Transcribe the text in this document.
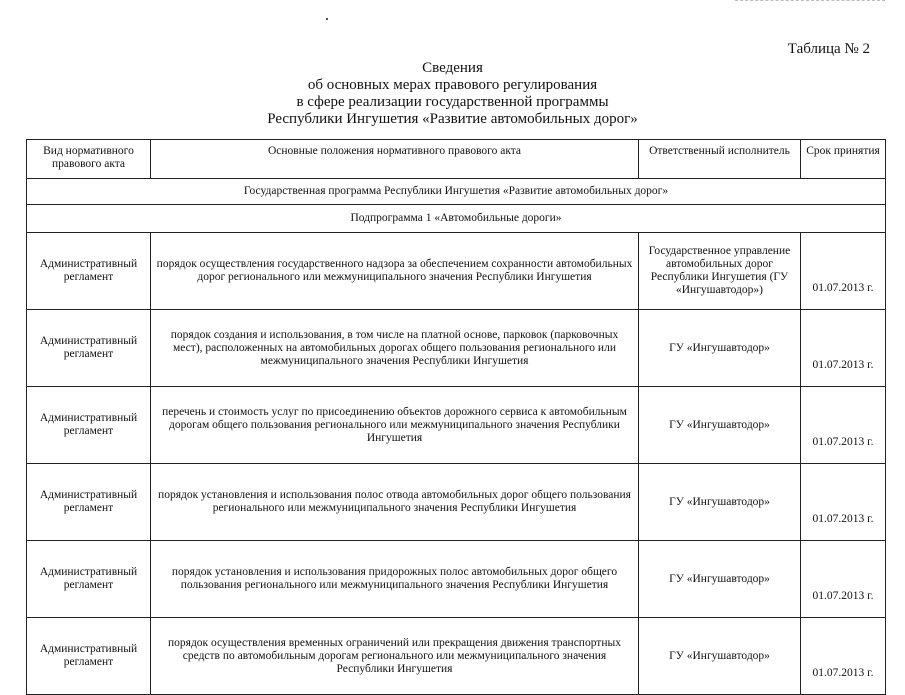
Таблица № 2
Сведения
об основных мерах правового регулирования
в сфере реализации государственной программы
Республики Ингушетия «Развитие автомобильных дорог»
Вид нормативного правового акта	Основные положения нормативного правового акта	Ответственный исполнитель	Срок принятия
Государственная программа Республики Ингушетия «Развитие автомобильных дорог»			
Подпрограмма 1 «Автомобильные дороги»			
Административный регламент	порядок осуществления государственного надзора за обеспечением сохранности автомобильных дорог регионального или межмуниципального значения Республики Ингушетия	Государственное управление автомобильных дорог Республики Ингушетия (ГУ «Ингушавтодор»)	01.07.2013 г.
Административный регламент	порядок создания и использования, в том числе на платной основе, парковок (парковочных мест), расположенных на автомобильных дорогах общего пользования регионального или межмуниципального значения Республики Ингушетия	ГУ «Ингушавтодор»	01.07.2013 г.
Административный регламент	перечень и стоимость услуг по присоединению объектов дорожного сервиса к автомобильным дорогам общего пользования регионального или межмуниципального значения Республики Ингушетия	ГУ «Ингушавтодор»	01.07.2013 г.
Административный регламент	порядок установления и использования полос отвода автомобильных дорог общего пользования регионального или межмуниципального значения Республики Ингушетия	ГУ «Ингушавтодор»	01.07.2013 г.
Административный регламент	порядок установления и использования придорожных полос автомобильных дорог общего пользования регионального или межмуниципального значения Республики Ингушетия	ГУ «Ингушавтодор»	01.07.2013 г.
Административный регламент	порядок осуществления временных ограничений или прекращения движения транспортных средств по автомобильным дорогам регионального или межмуниципального значения Республики Ингушетия	ГУ «Ингушавтодор»	01.07.2013 г.
